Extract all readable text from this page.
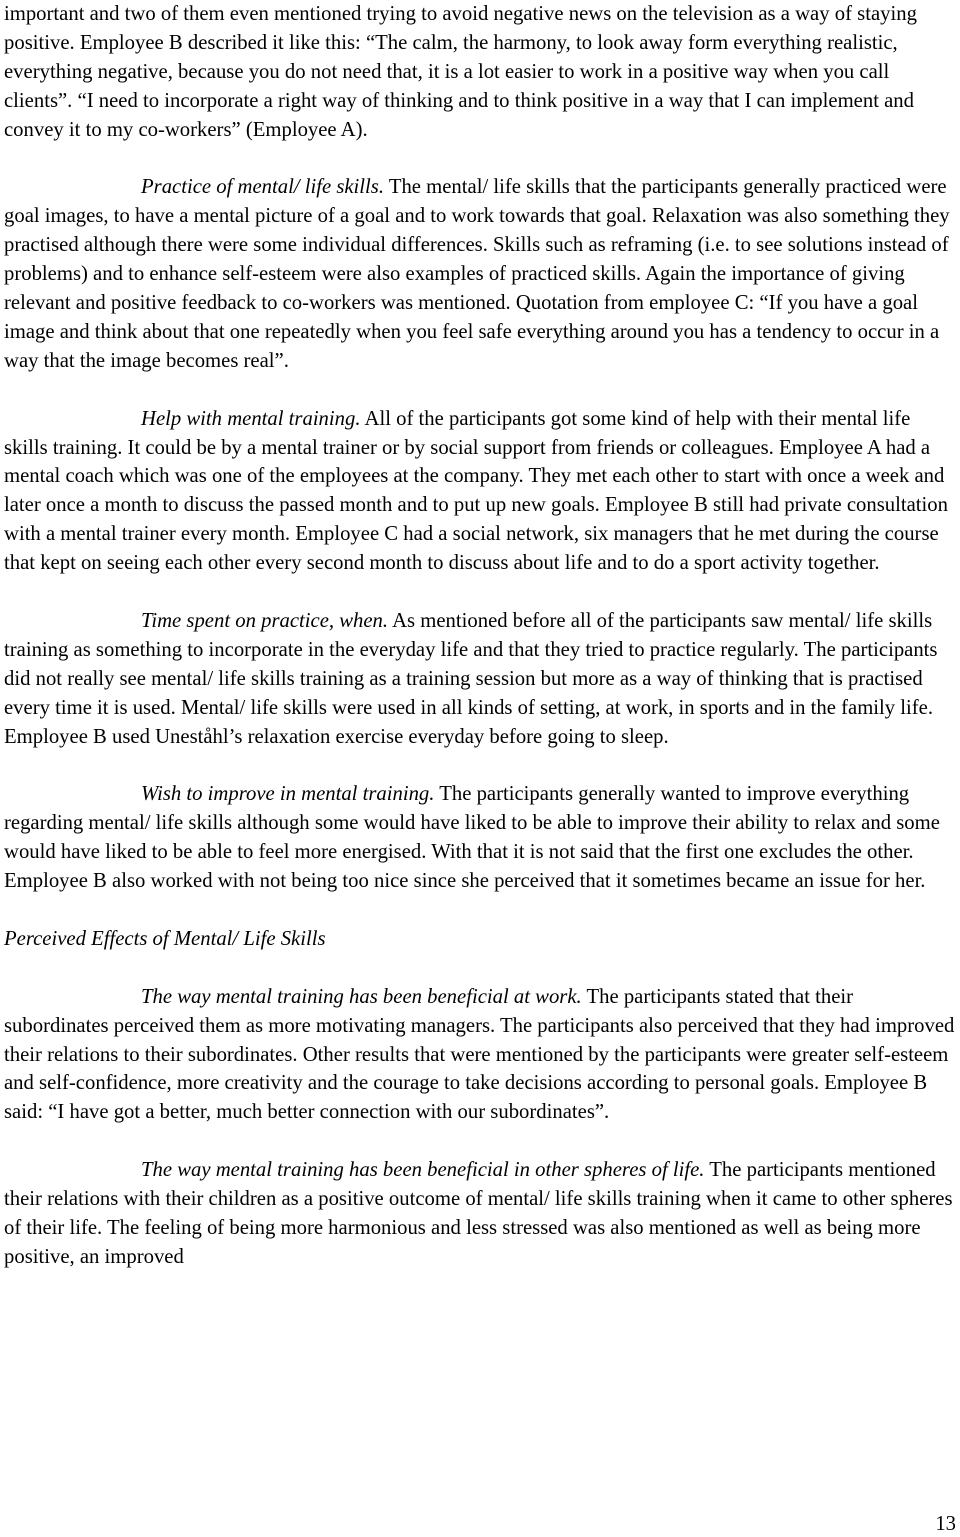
important and two of them even mentioned trying to avoid negative news on the television as a way of staying positive. Employee B described it like this: “The calm, the harmony, to look away form everything realistic, everything negative, because you do not need that, it is a lot easier to work in a positive way when you call clients”. “I need to incorporate a right way of thinking and to think positive in a way that I can implement and convey it to my co-workers” (Employee A).

Practice of mental/ life skills. The mental/ life skills that the participants generally practiced were goal images, to have a mental picture of a goal and to work towards that goal. Relaxation was also something they practised although there were some individual differences. Skills such as reframing (i.e. to see solutions instead of problems) and to enhance self-esteem were also examples of practiced skills. Again the importance of giving relevant and positive feedback to co-workers was mentioned. Quotation from employee C: “If you have a goal image and think about that one repeatedly when you feel safe everything around you has a tendency to occur in a way that the image becomes real”.

Help with mental training. All of the participants got some kind of help with their mental life skills training. It could be by a mental trainer or by social support from friends or colleagues. Employee A had a mental coach which was one of the employees at the company. They met each other to start with once a week and later once a month to discuss the passed month and to put up new goals. Employee B still had private consultation with a mental trainer every month. Employee C had a social network, six managers that he met during the course that kept on seeing each other every second month to discuss about life and to do a sport activity together.

Time spent on practice, when. As mentioned before all of the participants saw mental/ life skills training as something to incorporate in the everyday life and that they tried to practice regularly. The participants did not really see mental/ life skills training as a training session but more as a way of thinking that is practised every time it is used. Mental/ life skills were used in all kinds of setting, at work, in sports and in the family life. Employee B used Uneståhl’s relaxation exercise everyday before going to sleep.

Wish to improve in mental training. The participants generally wanted to improve everything regarding mental/ life skills although some would have liked to be able to improve their ability to relax and some would have liked to be able to feel more energised. With that it is not said that the first one excludes the other. Employee B also worked with not being too nice since she perceived that it sometimes became an issue for her.

Perceived Effects of Mental/ Life Skills

The way mental training has been beneficial at work. The participants stated that their subordinates perceived them as more motivating managers. The participants also perceived that they had improved their relations to their subordinates. Other results that were mentioned by the participants were greater self-esteem and self-confidence, more creativity and the courage to take decisions according to personal goals. Employee B said: “I have got a better, much better connection with our subordinates”.

The way mental training has been beneficial in other spheres of life. The participants mentioned their relations with their children as a positive outcome of mental/ life skills training when it came to other spheres of their life. The feeling of being more harmonious and less stressed was also mentioned as well as being more positive, an improved

13
